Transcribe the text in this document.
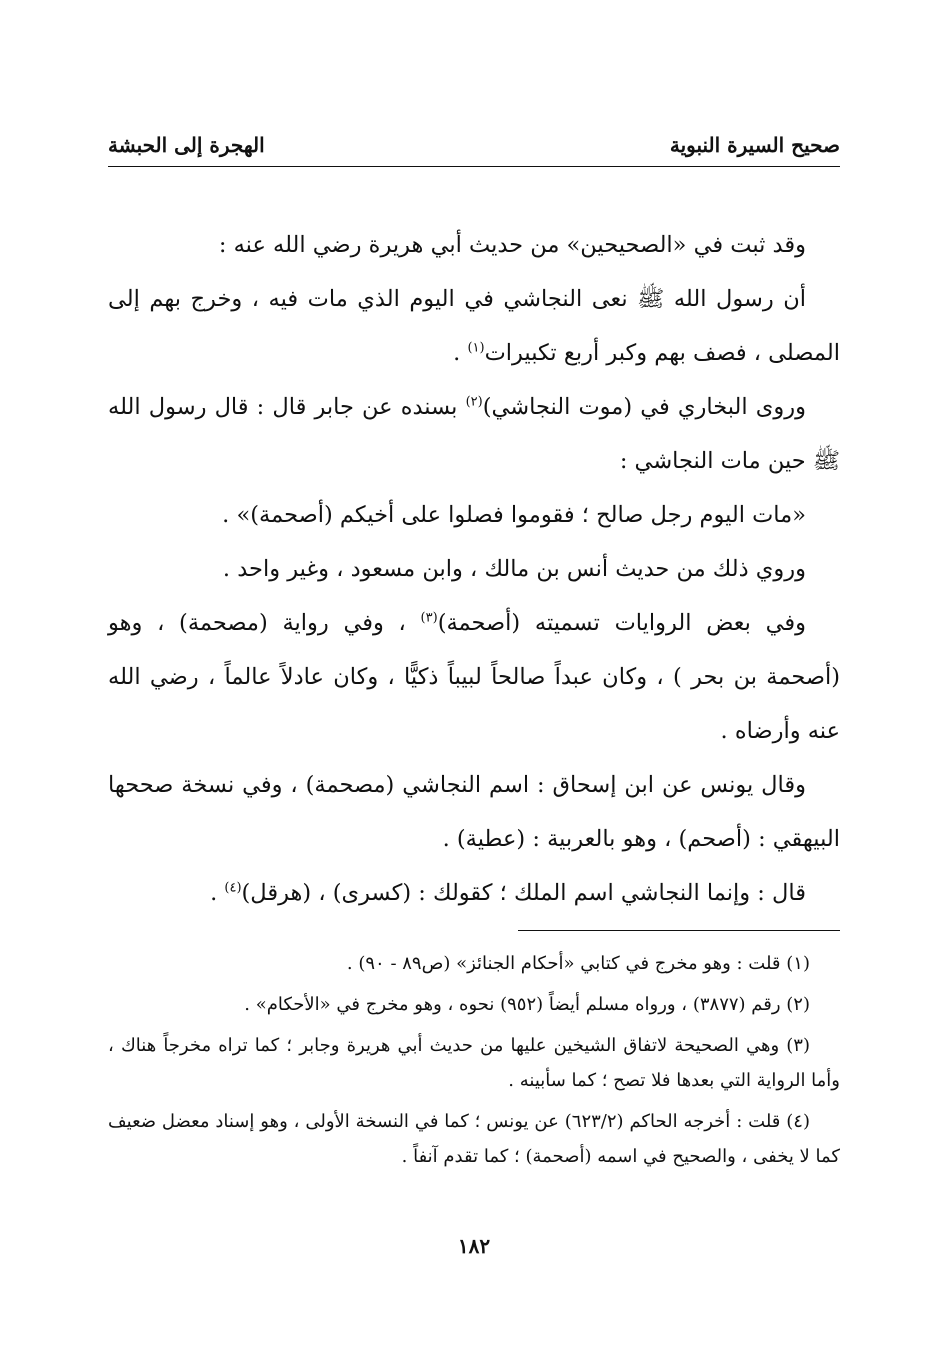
صحيح السيرة النبوية
الهجرة إلى الحبشة

وقد ثبت في «الصحيحين» من حديث أبي هريرة رضي الله عنه :

أن رسول الله ﷺ نعى النجاشي في اليوم الذي مات فيه ، وخرج بهم إلى المصلى ، فصف بهم وكبر أربع تكبيرات$^{(١)}$ .

وروى البخاري في (موت النجاشي)$^{(٢)}$ بسنده عن جابر قال : قال رسول الله ﷺ حين مات النجاشي :

«مات اليوم رجل صالح ؛ فقوموا فصلوا على أخيكم (أصحمة)» .

وروي ذلك من حديث أنس بن مالك ، وابن مسعود ، وغير واحد .

وفي بعض الروايات تسميته (أصحمة)$^{(٣)}$ ، وفي رواية (مصحمة) ، وهو (أصحمة بن بحر ) ، وكان عبداً صالحاً لبيباً ذكيًّا ، وكان عادلاً عالماً ، رضي الله عنه وأرضاه .

وقال يونس عن ابن إسحاق : اسم النجاشي (مصحمة) ، وفي نسخة صححها البيهقي : (أصحم) ، وهو بالعربية : (عطية) .

قال : وإنما النجاشي اسم الملك ؛ كقولك : (كسرى) ، (هرقل)$^{(٤)}$ .

(١) قلت : وهو مخرج في كتابي «أحكام الجنائز» (ص٨٩ - ٩٠) .

(٢) رقم (٣٨٧٧) ، ورواه مسلم أيضاً (٩٥٢) نحوه ، وهو مخرج في «الأحكام» .

(٣) وهي الصحيحة لاتفاق الشيخين عليها من حديث أبي هريرة وجابر ؛ كما تراه مخرجاً هناك ، وأما الرواية التي بعدها فلا تصح ؛ كما سأبينه .

(٤) قلت : أخرجه الحاكم (٦٢٣/٢) عن يونس ؛ كما في النسخة الأولى ، وهو إسناد معضل ضعيف كما لا يخفى ، والصحيح في اسمه (أصحمة) ؛ كما تقدم آنفاً .

١٨٢
